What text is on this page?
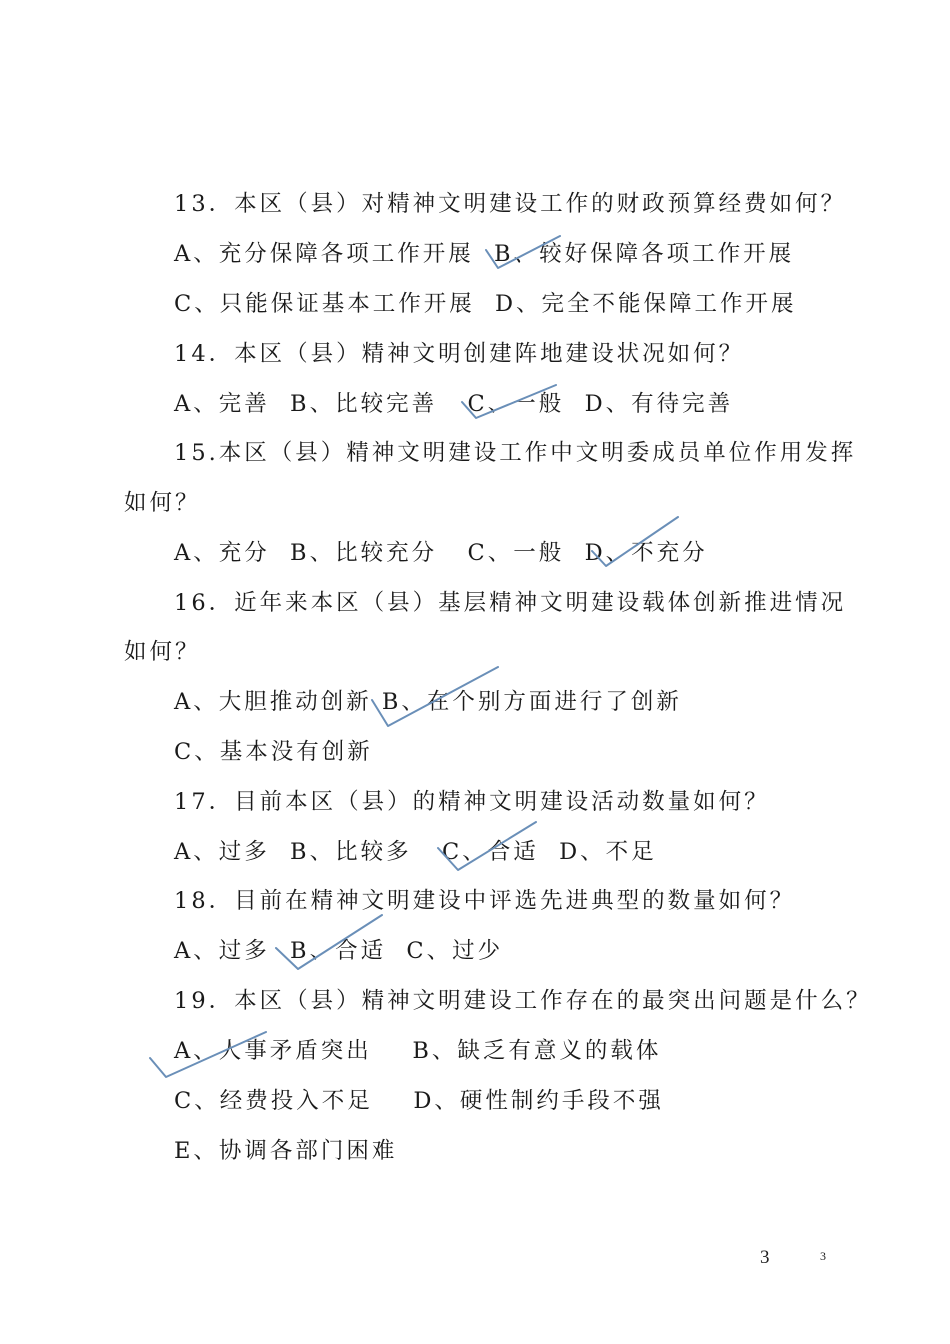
13．本区（县）对精神文明建设工作的财政预算经费如何？
A、充分保障各项工作开展  B、较好保障各项工作开展
C、只能保证基本工作开展  D、完全不能保障工作开展
14．本区（县）精神文明创建阵地建设状况如何？
A、完善  B、比较完善   C、一般  D、有待完善
15.本区（县）精神文明建设工作中文明委成员单位作用发挥
如何？
A、充分  B、比较充分   C、一般  D、不充分
16．近年来本区（县）基层精神文明建设载体创新推进情况
如何？
A、大胆推动创新 B、在个别方面进行了创新
C、基本没有创新
17．目前本区（县）的精神文明建设活动数量如何？
A、过多  B、比较多   C、合适  D、不足
18．目前在精神文明建设中评选先进典型的数量如何？
A、过多  B、合适  C、过少
19．本区（县）精神文明建设工作存在的最突出问题是什么？
A、人事矛盾突出    B、缺乏有意义的载体
C、经费投入不足    D、硬性制约手段不强
E、协调各部门困难
3	3
